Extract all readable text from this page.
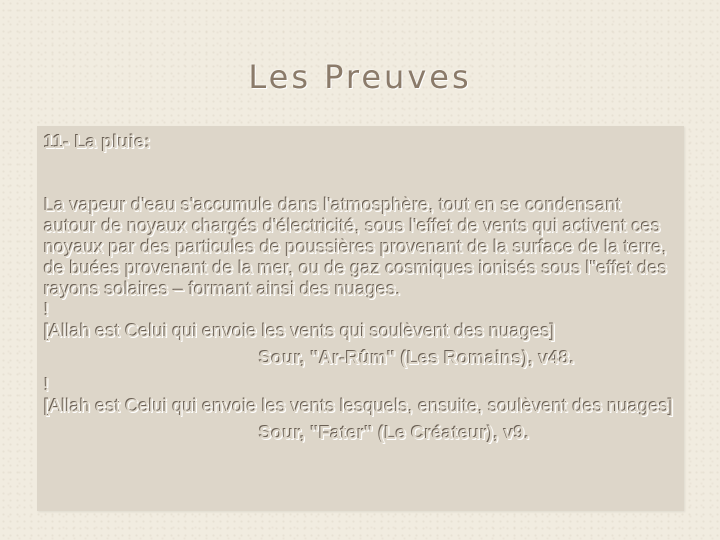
Les Preuves
11- La pluie:

La vapeur d'eau s'accumule dans l'atmosphère, tout en se condensant autour de noyaux chargés d'électricité, sous l'effet de vents qui activent ces noyaux par des particules de poussières provenant de la surface de la terre, de buées provenant de la mer, ou de gaz cosmiques ionisés sous l"effet des rayons solaires – formant ainsi des nuages.

!
[Allah est Celui qui envoie les vents qui soulèvent des nuages]
Sour, "Ar-Rûm" (Les Romains), v48.
!
[Allah est Celui qui envoie les vents lesquels, ensuite, soulèvent des nuages]
Sour, "Fater" (Le Créateur), v9.
